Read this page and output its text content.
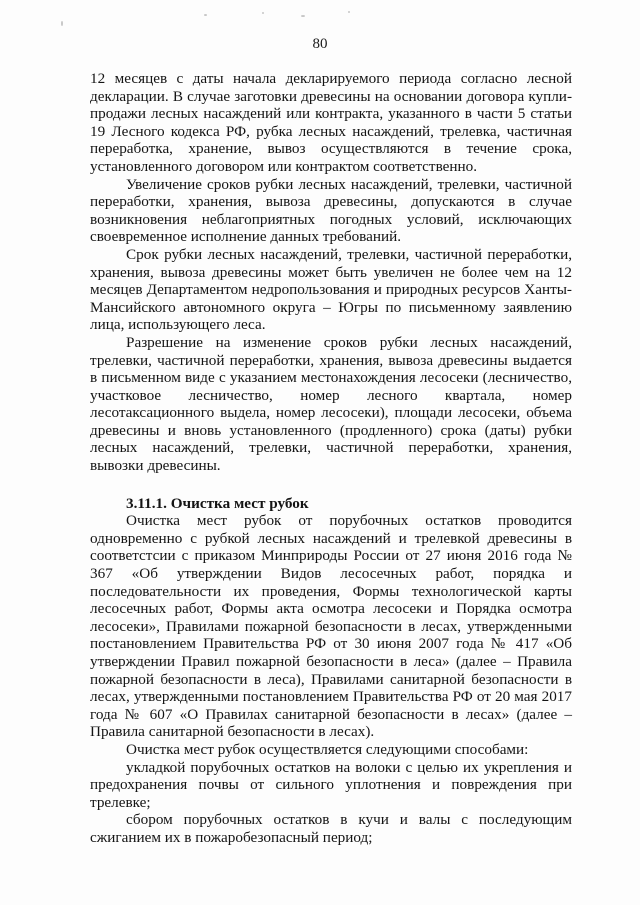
80

12 месяцев с даты начала декларируемого периода согласно лесной декларации. В случае заготовки древесины на основании договора купли-продажи лесных насаждений или контракта, указанного в части 5 статьи 19 Лесного кодекса РФ, рубка лесных насаждений, трелевка, частичная переработка, хранение, вывоз осуществляются в течение срока, установленного договором или контрактом соответственно.

Увеличение сроков рубки лесных насаждений, трелевки, частичной переработки, хранения, вывоза древесины, допускаются в случае возникновения неблагоприятных погодных условий, исключающих своевременное исполнение данных требований.

Срок рубки лесных насаждений, трелевки, частичной переработки, хранения, вывоза древесины может быть увеличен не более чем на 12 месяцев Департаментом недропользования и природных ресурсов Ханты-Мансийского автономного округа – Югры по письменному заявлению лица, использующего леса.

Разрешение на изменение сроков рубки лесных насаждений, трелевки, частичной переработки, хранения, вывоза древесины выдается в письменном виде с указанием местонахождения лесосеки (лесничество, участковое лесничество, номер лесного квартала, номер лесотаксационного выдела, номер лесосеки), площади лесосеки, объема древесины и вновь установленного (продленного) срока (даты) рубки лесных насаждений, трелевки, частичной переработки, хранения, вывозки древесины.

3.11.1. Очистка мест рубок

Очистка мест рубок от порубочных остатков проводится одновременно с рубкой лесных насаждений и трелевкой древесины в соответстсии с приказом Минприроды России от 27 июня 2016 года № 367 «Об утверждении Видов лесосечных работ, порядка и последовательности их проведения, Формы технологической карты лесосечных работ, Формы акта осмотра лесосеки и Порядка осмотра лесосеки», Правилами пожарной безопасности в лесах, утвержденными постановлением Правительства РФ от 30 июня 2007 года № 417 «Об утверждении Правил пожарной безопасности в леса» (далее – Правила пожарной безопасности в леса), Правилами санитарной безопасности в лесах, утвержденными постановлением Правительства РФ от 20 мая 2017 года № 607 «О Правилах санитарной безопасности в лесах» (далее – Правила санитарной безопасности в лесах).

Очистка мест рубок осуществляется следующими способами:

укладкой порубочных остатков на волоки с целью их укрепления и предохранения почвы от сильного уплотнения и повреждения при трелевке;

сбором порубочных остатков в кучи и валы с последующим сжиганием их в пожаробезопасный период;
